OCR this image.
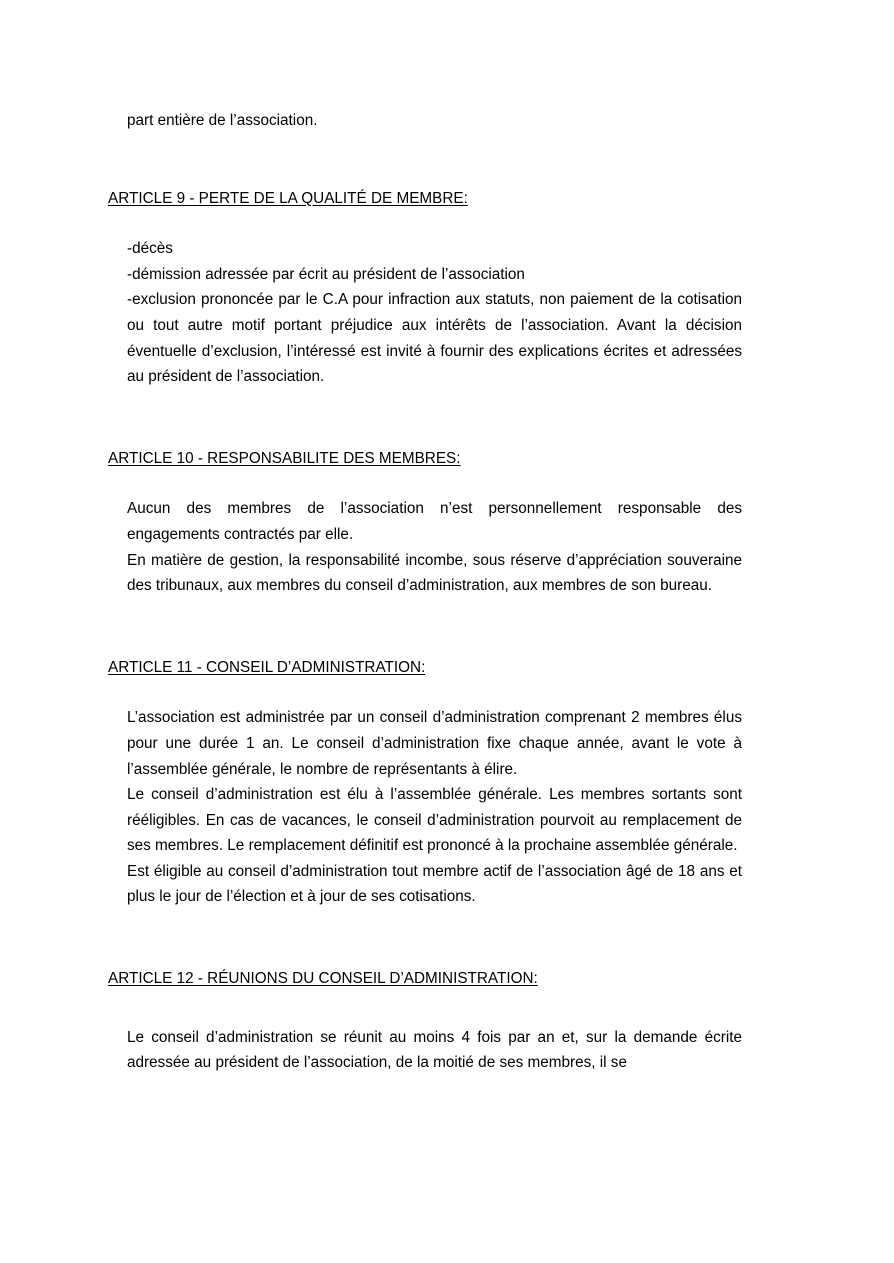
part entière de l’association.

ARTICLE 9 - PERTE DE LA QUALITÉ DE MEMBRE:

-décès

-démission adressée par écrit au président de l’association

-exclusion prononcée par le C.A pour infraction aux statuts, non paiement de la cotisation ou tout autre motif portant préjudice aux intérêts de l’association. Avant la décision éventuelle d’exclusion, l’intéressé est invité à fournir des explications écrites et adressées au président de l’association.

ARTICLE 10 - RESPONSABILITE DES MEMBRES:

Aucun des membres de l’association n’est personnellement responsable des engagements contractés par elle.

En matière de gestion, la responsabilité incombe, sous réserve d’appréciation souveraine des tribunaux, aux membres du conseil d’administration, aux membres de son bureau.

ARTICLE 11 - CONSEIL D’ADMINISTRATION:

L’association est administrée par un conseil d’administration comprenant 2 membres élus pour une durée 1 an. Le conseil d’administration fixe chaque année, avant le vote à l’assemblée générale, le nombre de représentants à élire.

Le conseil d’administration est élu à l’assemblée générale. Les membres sortants sont rééligibles. En cas de vacances, le conseil d’administration pourvoit au remplacement de ses membres. Le remplacement définitif est prononcé à la prochaine assemblée générale.

Est éligible au conseil d’administration tout membre actif de l’association âgé de 18 ans et plus le jour de l’élection et à jour de ses cotisations.

ARTICLE 12 - RÉUNIONS DU CONSEIL D’ADMINISTRATION:

Le conseil d’administration se réunit au moins 4 fois par an et, sur la demande écrite adressée au président de l’association, de la moitié de ses membres, il se
